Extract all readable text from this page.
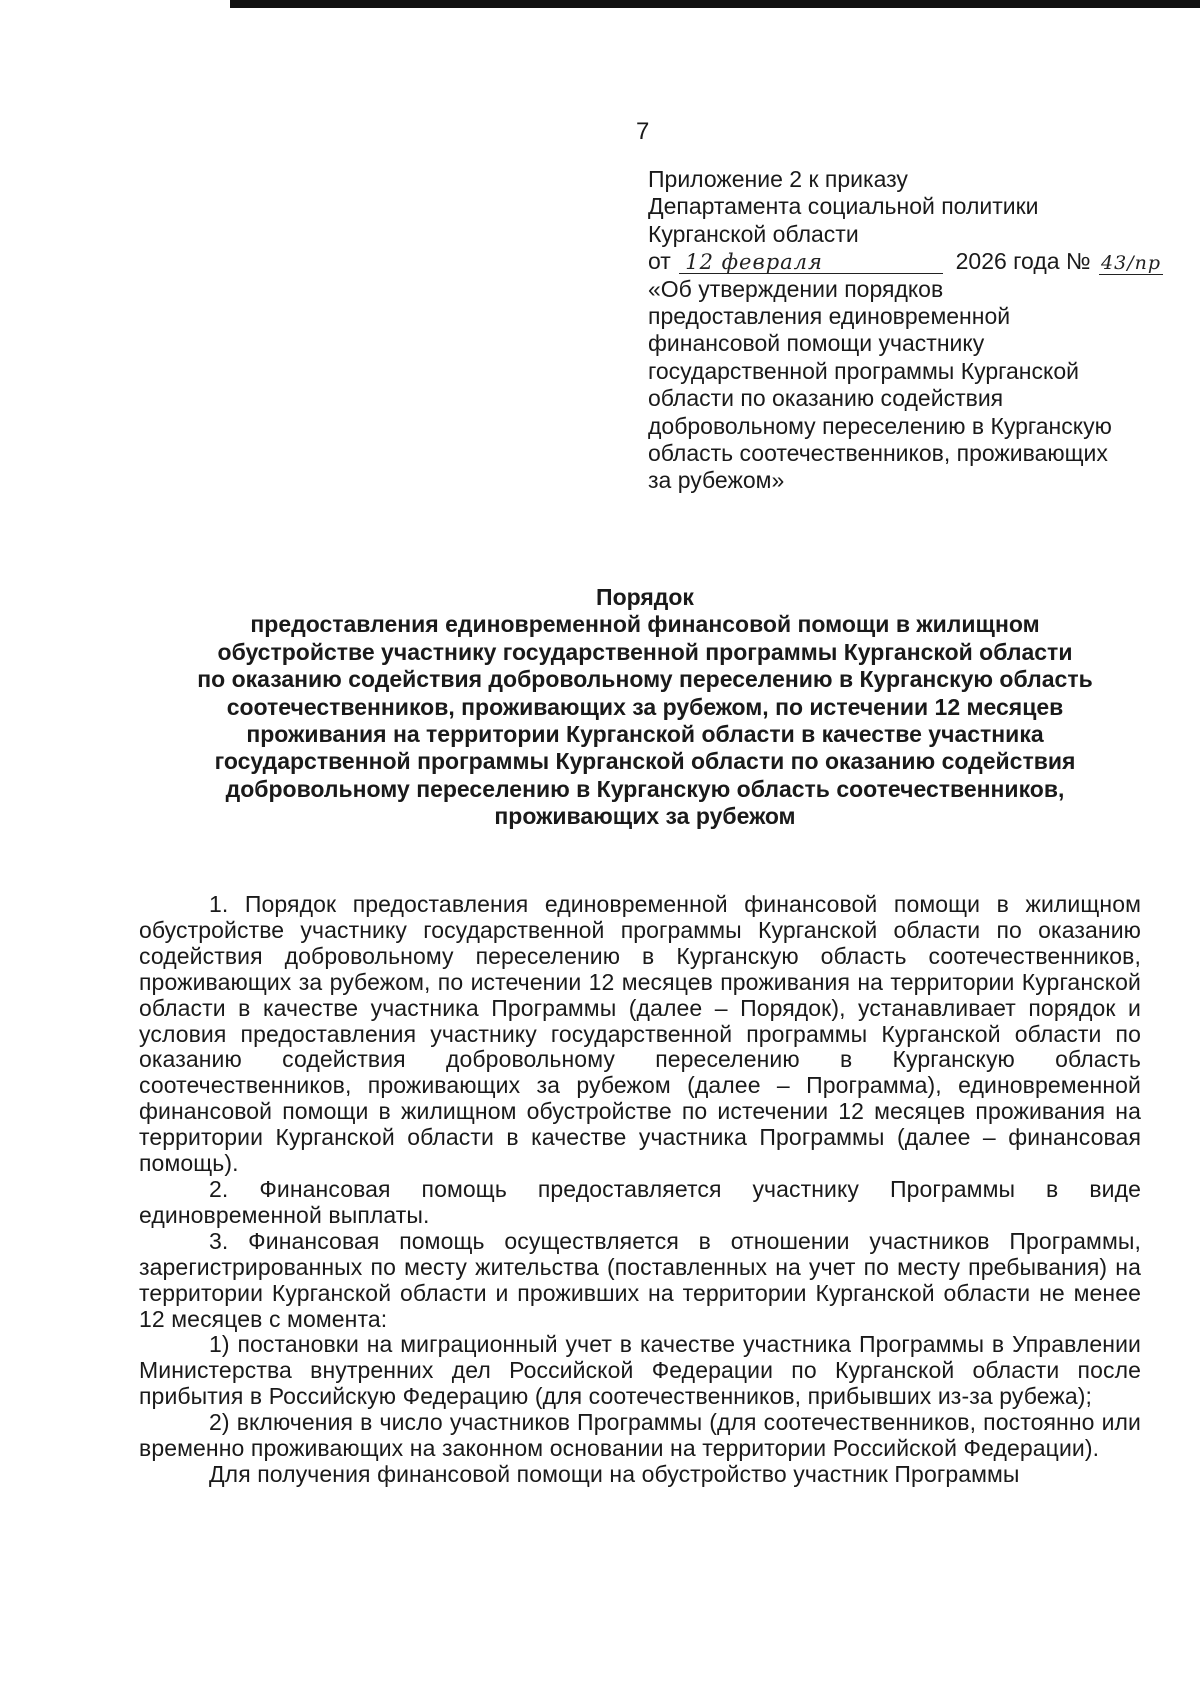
7
Приложение 2 к приказу
Департамента социальной политики
Курганской области
от 12 февраля	2026 года № 43/пр
«Об утверждении порядков
предоставления единовременной
финансовой помощи участнику
государственной программы Курганской
области по оказанию содействия
добровольному переселению в Курганскую
область соотечественников, проживающих
за рубежом»
Порядок
предоставления единовременной финансовой помощи в жилищном
обустройстве участнику государственной программы Курганской области
по оказанию содействия добровольному переселению в Курганскую область
соотечественников, проживающих за рубежом, по истечении 12 месяцев
проживания на территории Курганской области в качестве участника
государственной программы Курганской области по оказанию содействия
добровольному переселению в Курганскую область соотечественников,
проживающих за рубежом

1. Порядок предоставления единовременной финансовой помощи в жилищном обустройстве участнику государственной программы Курганской области по оказанию содействия добровольному переселению в Курганскую область соотечественников, проживающих за рубежом, по истечении 12 месяцев проживания на территории Курганской области в качестве участника Программы (далее – Порядок), устанавливает порядок и условия предоставления участнику государственной программы Курганской области по оказанию содействия добровольному переселению в Курганскую область соотечественников, проживающих за рубежом (далее – Программа), единовременной финансовой помощи в жилищном обустройстве по истечении 12 месяцев проживания на территории Курганской области в качестве участника Программы (далее – финансовая помощь).

2. Финансовая помощь предоставляется участнику Программы в виде единовременной выплаты.

3. Финансовая помощь осуществляется в отношении участников Программы, зарегистрированных по месту жительства (поставленных на учет по месту пребывания) на территории Курганской области и проживших на территории Курганской области не менее 12 месяцев с момента:

1) постановки на миграционный учет в качестве участника Программы в Управлении Министерства внутренних дел Российской Федерации по Курганской области после прибытия в Российскую Федерацию (для соотечественников, прибывших из-за рубежа);

2) включения в число участников Программы (для соотечественников, постоянно или временно проживающих на законном основании на территории Российской Федерации).

Для получения финансовой помощи на обустройство участник Программы
